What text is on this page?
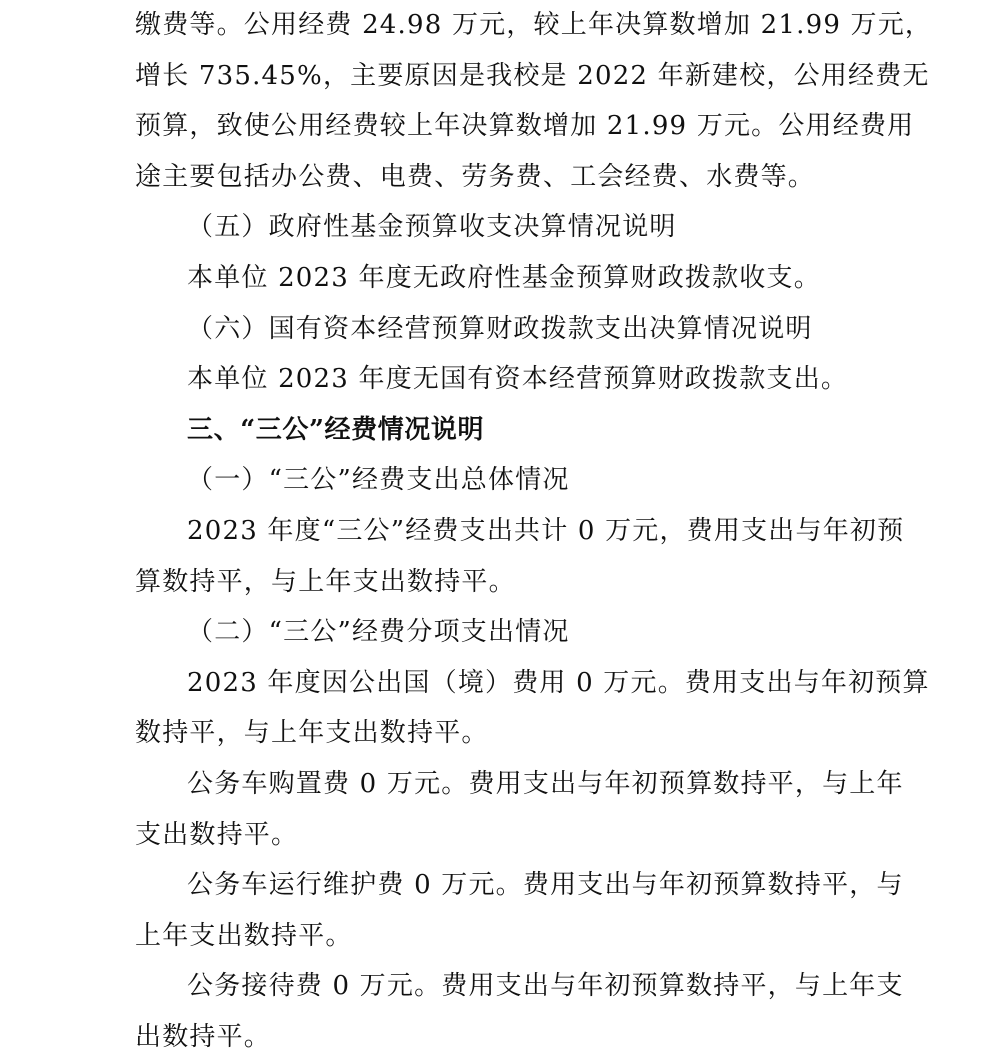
缴费等。公用经费 24.98 万元，较上年决算数增加 21.99 万元，
增长 735.45%，主要原因是我校是 2022 年新建校，公用经费无
预算，致使公用经费较上年决算数增加 21.99 万元。公用经费用
途主要包括办公费、电费、劳务费、工会经费、水费等。
（五）政府性基金预算收支决算情况说明
本单位 2023 年度无政府性基金预算财政拨款收支。
（六）国有资本经营预算财政拨款支出决算情况说明
本单位 2023 年度无国有资本经营预算财政拨款支出。
三、“三公”经费情况说明
（一）“三公”经费支出总体情况
2023 年度“三公”经费支出共计 0 万元，费用支出与年初预
算数持平，与上年支出数持平。
（二）“三公”经费分项支出情况
2023 年度因公出国（境）费用 0 万元。费用支出与年初预算
数持平，与上年支出数持平。
公务车购置费 0 万元。费用支出与年初预算数持平，与上年
支出数持平。
公务车运行维护费 0 万元。费用支出与年初预算数持平，与
上年支出数持平。
公务接待费 0 万元。费用支出与年初预算数持平，与上年支
出数持平。
